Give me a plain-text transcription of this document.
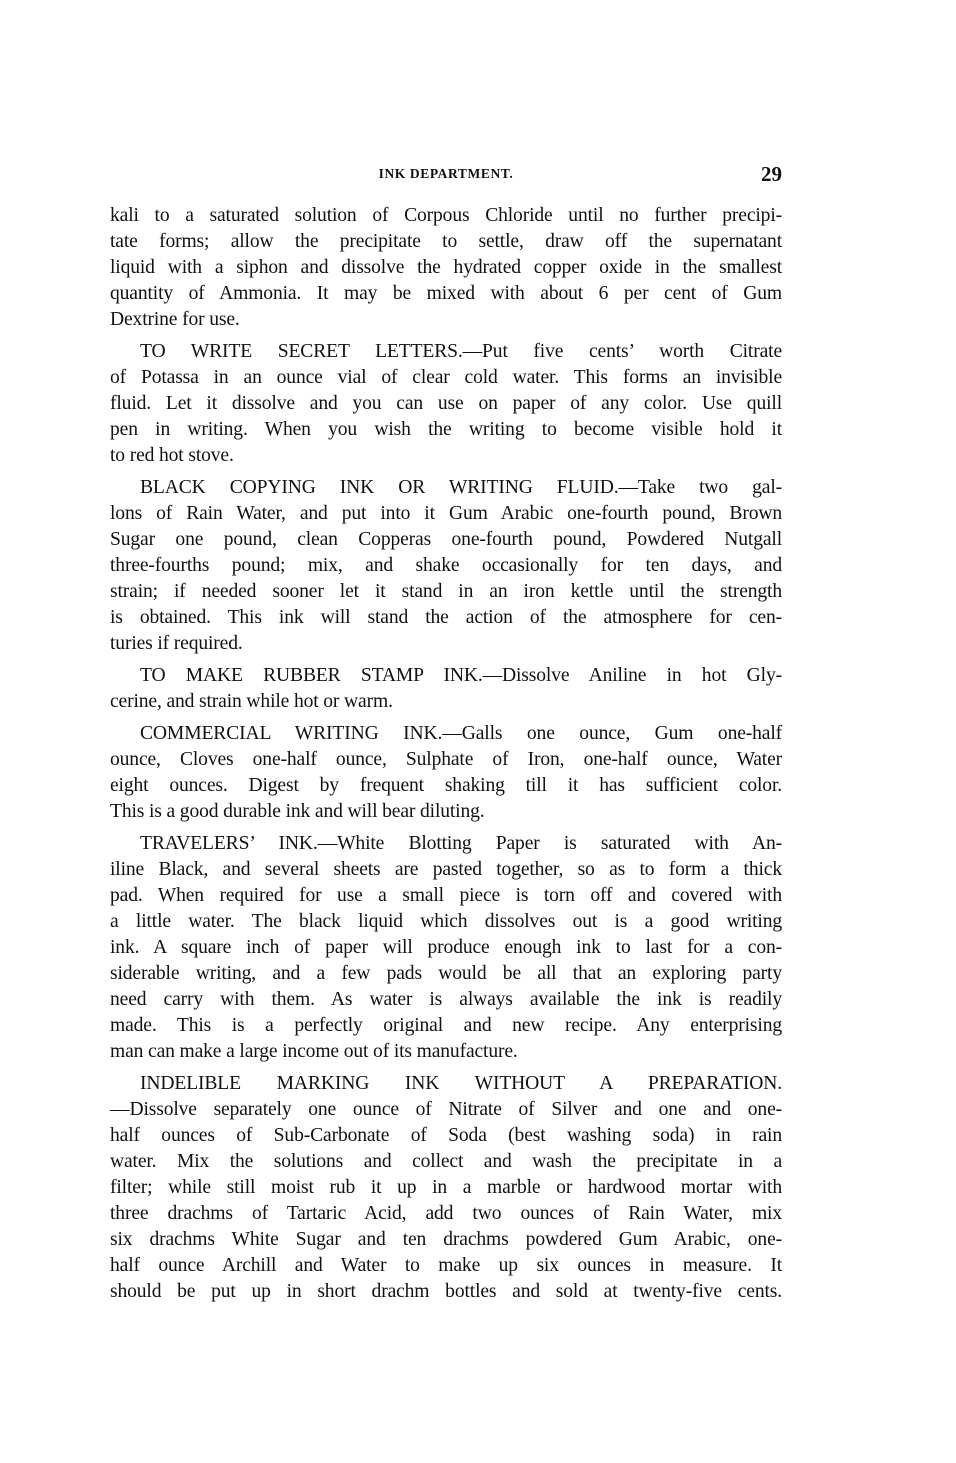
INK DEPARTMENT.	29
kali to a saturated solution of Corpous Chloride until no further precipi-
tate forms; allow the precipitate to settle, draw off the supernatant
liquid with a siphon and dissolve the hydrated copper oxide in the smallest
quantity of Ammonia. It may be mixed with about 6 per cent of Gum
Dextrine for use.
TO WRITE SECRET LETTERS.—Put five cents’ worth Citrate
of Potassa in an ounce vial of clear cold water. This forms an invisible
fluid. Let it dissolve and you can use on paper of any color. Use quill
pen in writing. When you wish the writing to become visible hold it
to red hot stove.
BLACK COPYING INK OR WRITING FLUID.—Take two gal-
lons of Rain Water, and put into it Gum Arabic one-fourth pound, Brown
Sugar one pound, clean Copperas one-fourth pound, Powdered Nutgall
three-fourths pound; mix, and shake occasionally for ten days, and
strain; if needed sooner let it stand in an iron kettle until the strength
is obtained. This ink will stand the action of the atmosphere for cen-
turies if required.
TO MAKE RUBBER STAMP INK.—Dissolve Aniline in hot Gly-
cerine, and strain while hot or warm.
COMMERCIAL WRITING INK.—Galls one ounce, Gum one-half
ounce, Cloves one-half ounce, Sulphate of Iron, one-half ounce, Water
eight ounces. Digest by frequent shaking till it has sufficient color.
This is a good durable ink and will bear diluting.
TRAVELERS’ INK.—White Blotting Paper is saturated with An-
iline Black, and several sheets are pasted together, so as to form a thick
pad. When required for use a small piece is torn off and covered with
a little water. The black liquid which dissolves out is a good writing
ink. A square inch of paper will produce enough ink to last for a con-
siderable writing, and a few pads would be all that an exploring party
need carry with them. As water is always available the ink is readily
made. This is a perfectly original and new recipe. Any enterprising
man can make a large income out of its manufacture.
INDELIBLE MARKING INK WITHOUT A PREPARATION.
—Dissolve separately one ounce of Nitrate of Silver and one and one-
half ounces of Sub-Carbonate of Soda (best washing soda) in rain
water. Mix the solutions and collect and wash the precipitate in a
filter; while still moist rub it up in a marble or hardwood mortar with
three drachms of Tartaric Acid, add two ounces of Rain Water, mix
six drachms White Sugar and ten drachms powdered Gum Arabic, one-
half ounce Archill and Water to make up six ounces in measure. It
should be put up in short drachm bottles and sold at twenty-five cents.
